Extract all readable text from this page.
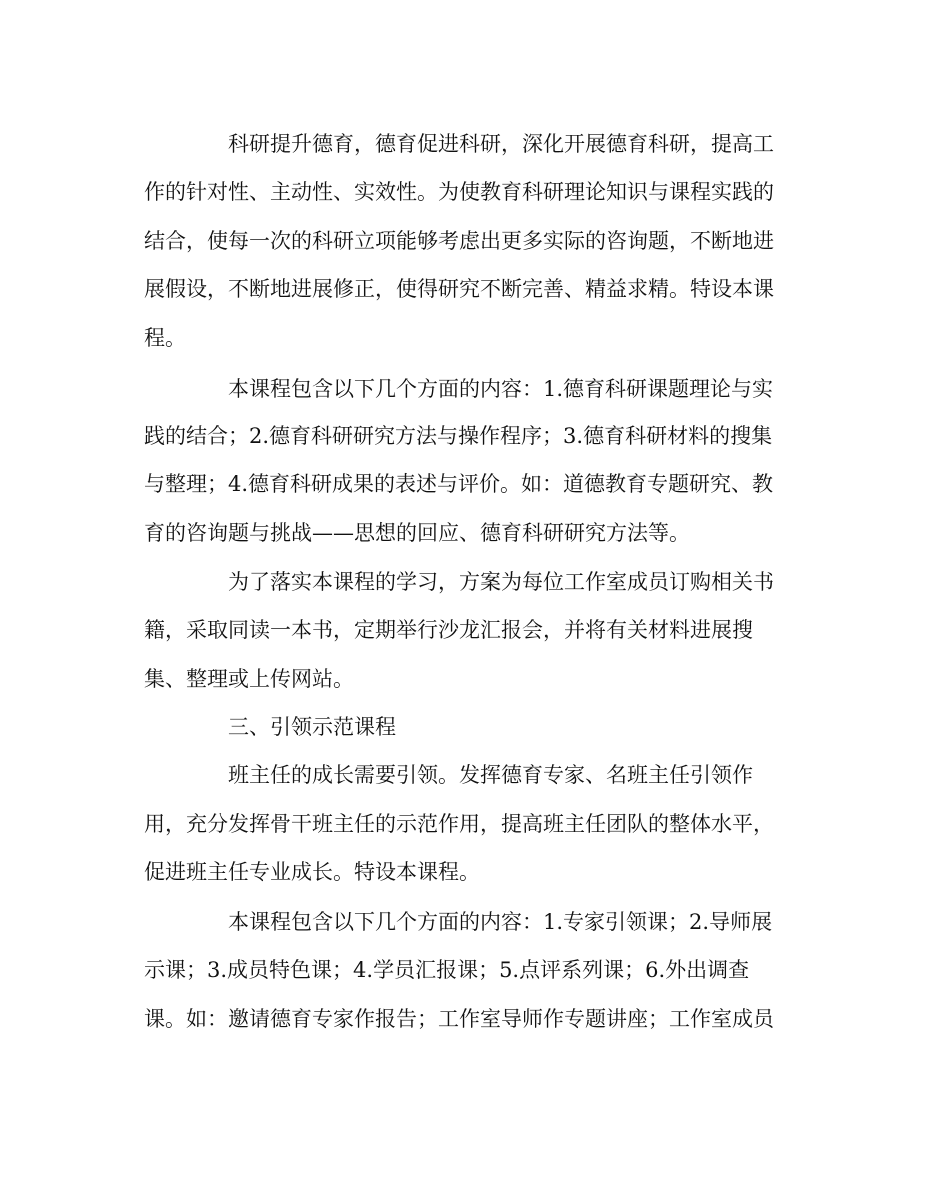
科研提升德育，德育促进科研，深化开展德育科研，提高工
作的针对性、主动性、实效性。为使教育科研理论知识与课程实践的
结合，使每一次的科研立项能够考虑出更多实际的咨询题，不断地进
展假设，不断地进展修正，使得研究不断完善、精益求精。特设本课
程。
本课程包含以下几个方面的内容：1.德育科研课题理论与实
践的结合；2.德育科研研究方法与操作程序；3.德育科研材料的搜集
与整理；4.德育科研成果的表述与评价。如：道德教育专题研究、教
育的咨询题与挑战——思想的回应、德育科研研究方法等。
为了落实本课程的学习，方案为每位工作室成员订购相关书
籍，采取同读一本书，定期举行沙龙汇报会，并将有关材料进展搜
集、整理或上传网站。
三、引领示范课程
班主任的成长需要引领。发挥德育专家、名班主任引领作
用，充分发挥骨干班主任的示范作用，提高班主任团队的整体水平，
促进班主任专业成长。特设本课程。
本课程包含以下几个方面的内容：1.专家引领课；2.导师展
示课；3.成员特色课；4.学员汇报课；5.点评系列课；6.外出调查
课。如：邀请德育专家作报告；工作室导师作专题讲座；工作室成员
